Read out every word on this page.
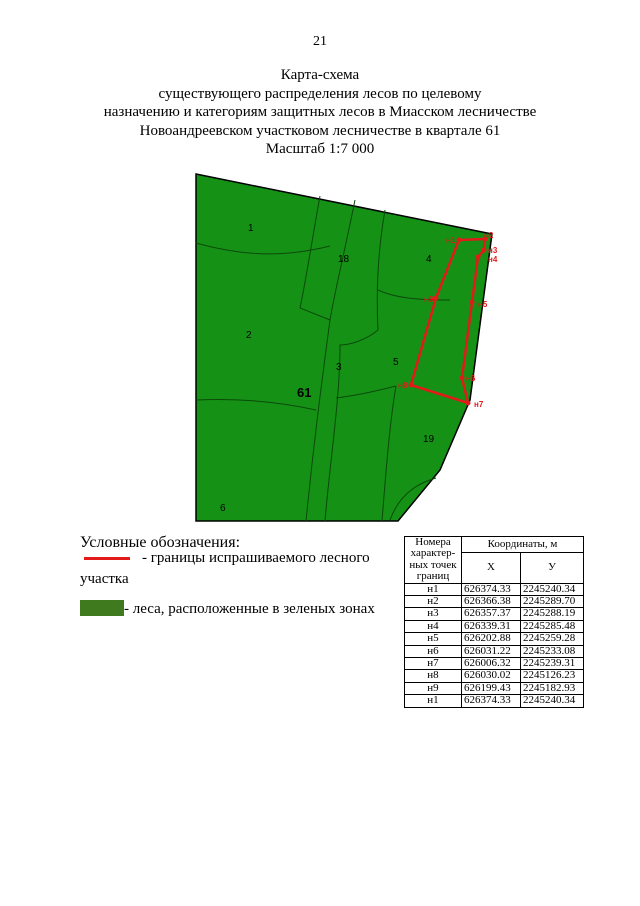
21
Карта-схема
существующего распределения лесов по целевому
назначению и категориям защитных лесов в Миасском лесничестве
Новоандреевском участковом лесничестве в квартале 61
Масштаб 1:7 000
н1
н2
н3
н4
н5
н6
н7
н8
н9
1
18	4
2
3	5
19
6
61
Условные обозначения:
- границы испрашиваемого лесного участка
- леса, расположенные в зеленых зонах
Номера характер-ных точек границ	Координаты, м	
	Х	У
н1	626374.33	2245240.34
н2	626366.38	2245289.70
н3	626357.37	2245288.19
н4	626339.31	2245285.48
н5	626202.88	2245259.28
н6	626031.22	2245233.08
н7	626006.32	2245239.31
н8	626030.02	2245126.23
н9	626199.43	2245182.93
н1	626374.33	2245240.34
